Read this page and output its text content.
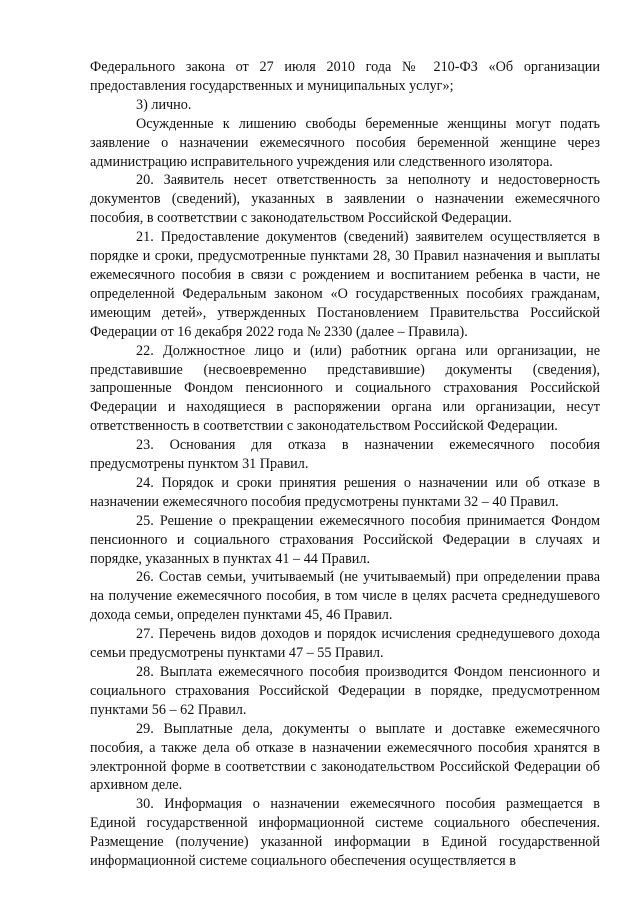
Федерального закона от 27 июля 2010 года № 210-ФЗ «Об организации предоставления государственных и муниципальных услуг»;

3) лично.

Осужденные к лишению свободы беременные женщины могут подать заявление о назначении ежемесячного пособия беременной женщине через администрацию исправительного учреждения или следственного изолятора.

20. Заявитель несет ответственность за неполноту и недостоверность документов (сведений), указанных в заявлении о назначении ежемесячного пособия, в соответствии с законодательством Российской Федерации.

21. Предоставление документов (сведений) заявителем осуществляется в порядке и сроки, предусмотренные пунктами 28, 30 Правил назначения и выплаты ежемесячного пособия в связи с рождением и воспитанием ребенка в части, не определенной Федеральным законом «О государственных пособиях гражданам, имеющим детей», утвержденных Постановлением Правительства Российской Федерации от 16 декабря 2022 года № 2330 (далее – Правила).

22. Должностное лицо и (или) работник органа или организации, не представившие (несвоевременно представившие) документы (сведения), запрошенные Фондом пенсионного и социального страхования Российской Федерации и находящиеся в распоряжении органа или организации, несут ответственность в соответствии с законодательством Российской Федерации.

23. Основания для отказа в назначении ежемесячного пособия предусмотрены пунктом 31 Правил.

24. Порядок и сроки принятия решения о назначении или об отказе в назначении ежемесячного пособия предусмотрены пунктами 32 – 40 Правил.

25. Решение о прекращении ежемесячного пособия принимается Фондом пенсионного и социального страхования Российской Федерации в случаях и порядке, указанных в пунктах 41 – 44 Правил.

26. Состав семьи, учитываемый (не учитываемый) при определении права на получение ежемесячного пособия, в том числе в целях расчета среднедушевого дохода семьи, определен пунктами 45, 46 Правил.

27. Перечень видов доходов и порядок исчисления среднедушевого дохода семьи предусмотрены пунктами 47 – 55 Правил.

28. Выплата ежемесячного пособия производится Фондом пенсионного и социального страхования Российской Федерации в порядке, предусмотренном пунктами 56 – 62 Правил.

29. Выплатные дела, документы о выплате и доставке ежемесячного пособия, а также дела об отказе в назначении ежемесячного пособия хранятся в электронной форме в соответствии с законодательством Российской Федерации об архивном деле.

30. Информация о назначении ежемесячного пособия размещается в Единой государственной информационной системе социального обеспечения. Размещение (получение) указанной информации в Единой государственной информационной системе социального обеспечения осуществляется в
